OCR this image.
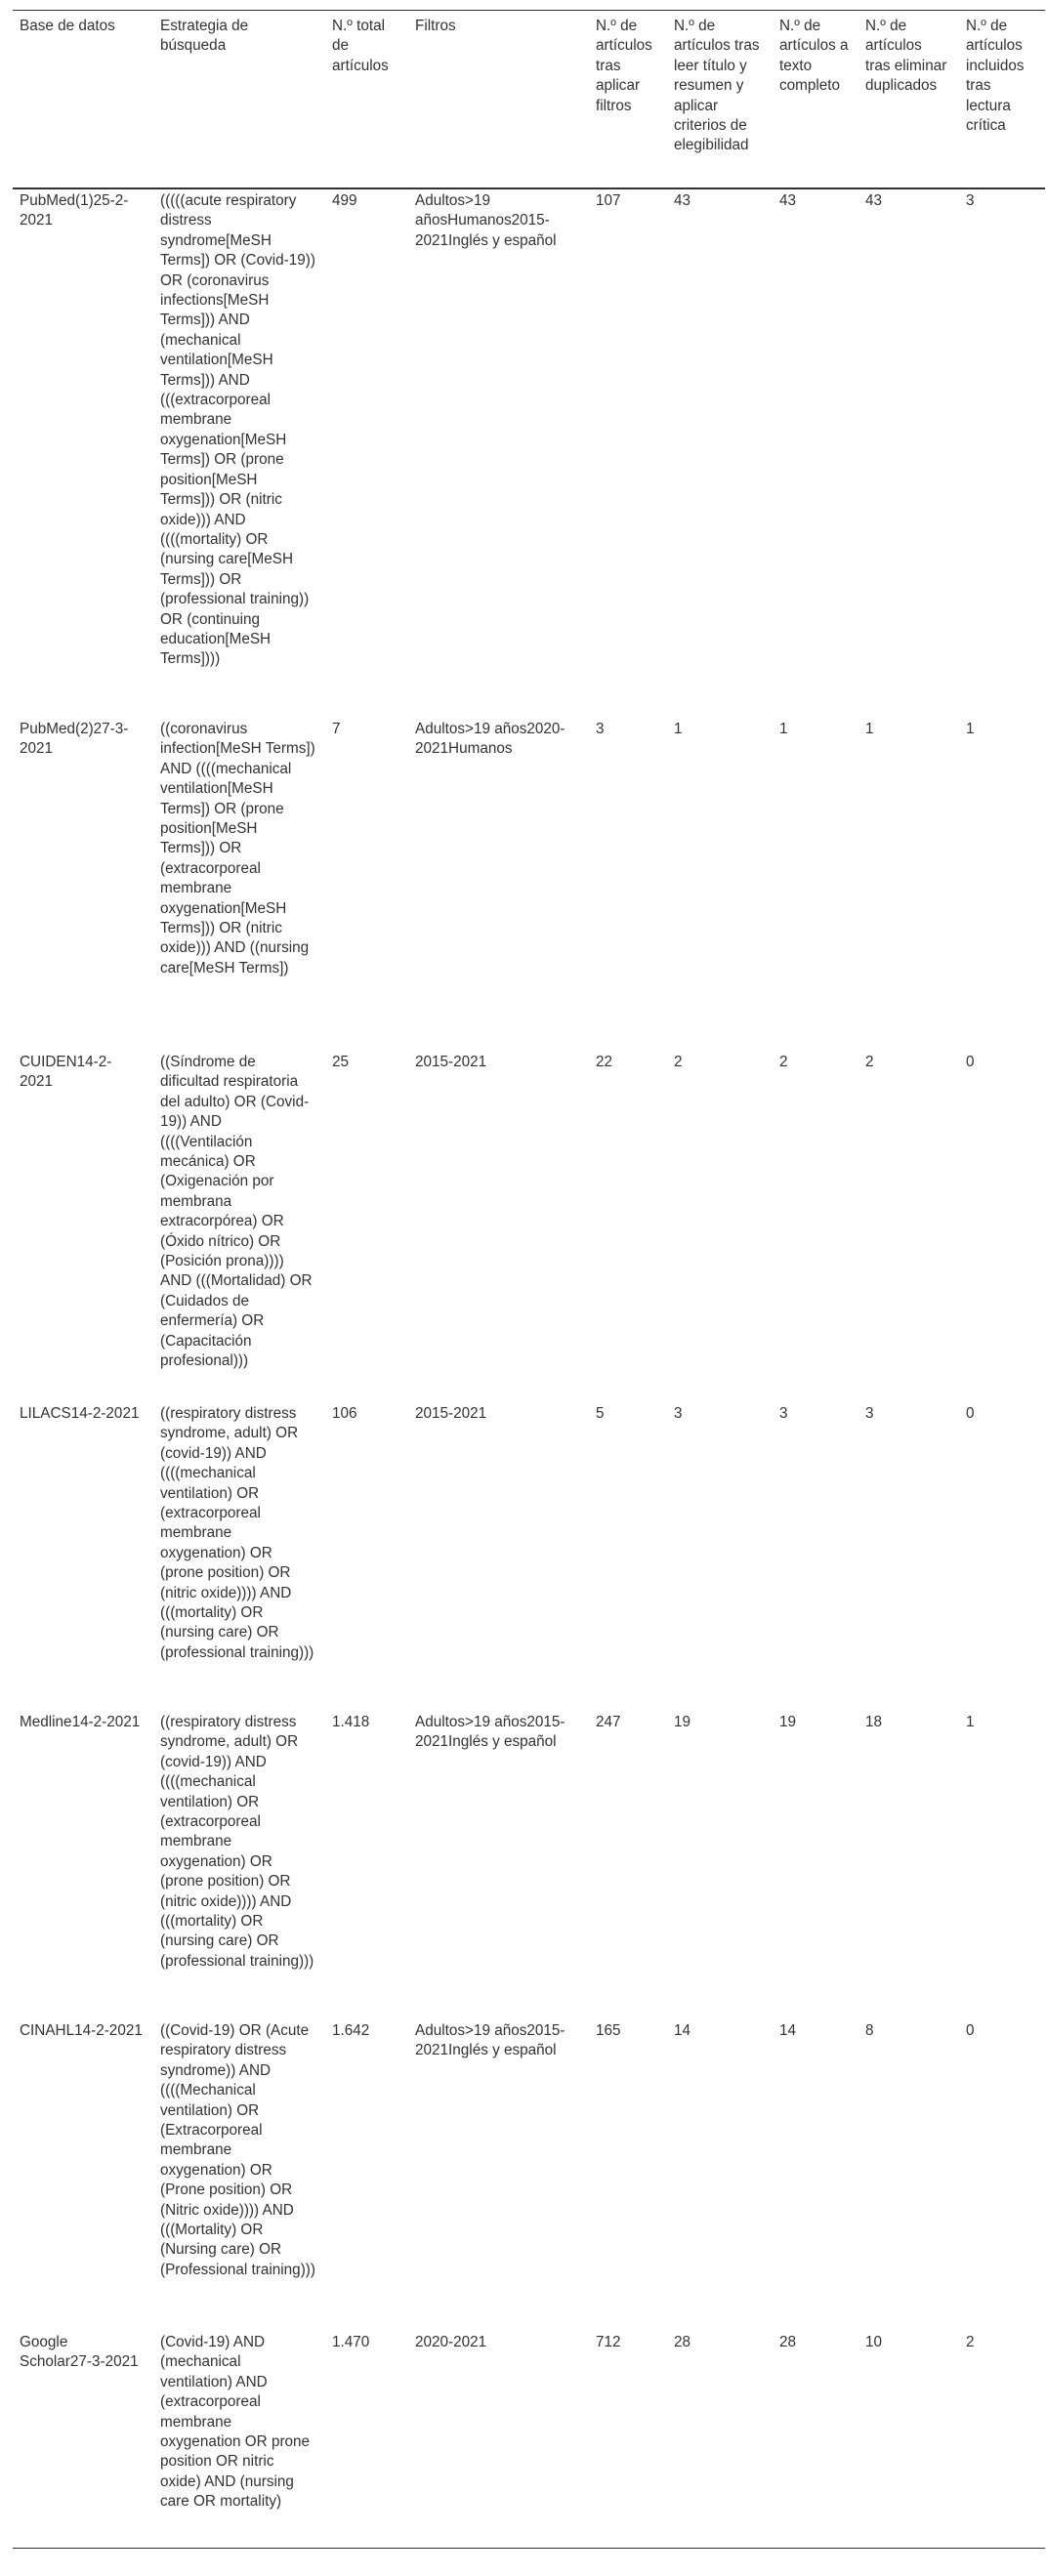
Base de datos	Estrategia de búsqueda	N.º total de artículos	Filtros	N.º de artículos tras aplicar filtros	N.º de artículos tras leer título y resumen y aplicar criterios de elegibilidad	N.º de artículos a texto completo	N.º de artículos tras eliminar duplicados	N.º de artículos incluidos tras lectura crítica
PubMed(1)25-2-2021	(((((acute respiratory distress syndrome[MeSH Terms]) OR (Covid-19)) OR (coronavirus infections[MeSH Terms])) AND (mechanical ventilation[MeSH Terms])) AND (((extracorporeal membrane oxygenation[MeSH Terms]) OR (prone position[MeSH Terms])) OR (nitric oxide))) AND ((((mortality) OR (nursing care[MeSH Terms])) OR (professional training)) OR (continuing education[MeSH Terms])))	499	Adultos>19 añosHumanos2015-2021Inglés y español	107	43	43	43	3
PubMed(2)27-3-2021	((coronavirus infection[MeSH Terms]) AND ((((mechanical ventilation[MeSH Terms]) OR (prone position[MeSH Terms])) OR (extracorporeal membrane oxygenation[MeSH Terms])) OR (nitric oxide))) AND ((nursing care[MeSH Terms])	7	Adultos>19 años2020-2021Humanos	3	1	1	1	1
CUIDEN14-2-2021	((Síndrome de dificultad respiratoria del adulto) OR (Covid-19)) AND ((((Ventilación mecánica) OR (Oxigenación por membrana extracorpórea) OR (Óxido nítrico) OR (Posición prona)))) AND (((Mortalidad) OR (Cuidados de enfermería) OR (Capacitación profesional)))	25	2015-2021	22	2	2	2	0
LILACS14-2-2021	((respiratory distress syndrome, adult) OR (covid-19)) AND ((((mechanical ventilation) OR (extracorporeal membrane oxygenation) OR (prone position) OR (nitric oxide)))) AND (((mortality) OR (nursing care) OR (professional training)))	106	2015-2021	5	3	3	3	0
Medline14-2-2021	((respiratory distress syndrome, adult) OR (covid-19)) AND ((((mechanical ventilation) OR (extracorporeal membrane oxygenation) OR (prone position) OR (nitric oxide)))) AND (((mortality) OR (nursing care) OR (professional training)))	1.418	Adultos>19 años2015-2021Inglés y español	247	19	19	18	1
CINAHL14-2-2021	((Covid-19) OR (Acute respiratory distress syndrome)) AND ((((Mechanical ventilation) OR (Extracorporeal membrane oxygenation) OR (Prone position) OR (Nitric oxide)))) AND (((Mortality) OR (Nursing care) OR (Professional training)))	1.642	Adultos>19 años2015-2021Inglés y español	165	14	14	8	0
Google Scholar27-3-2021	(Covid-19) AND (mechanical ventilation) AND (extracorporeal membrane oxygenation OR prone position OR nitric oxide) AND (nursing care OR mortality)	1.470	2020-2021	712	28	28	10	2
